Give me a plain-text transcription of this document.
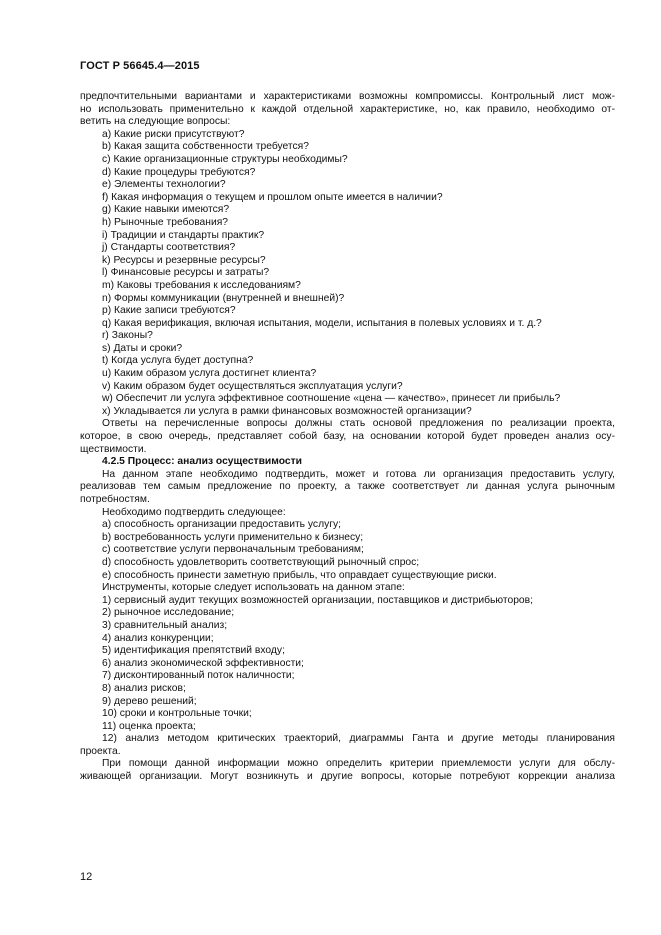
ГОСТ Р 56645.4—2015
предпочтительными вариантами и характеристиками возможны компромиссы. Контрольный лист мож-
но использовать применительно к каждой отдельной характеристике, но, как правило, необходимо от-
ветить на следующие вопросы:
a) Какие риски присутствуют?
b) Какая защита собственности требуется?
c) Какие организационные структуры необходимы?
d) Какие процедуры требуются?
e) Элементы технологии?
f) Какая информация о текущем и прошлом опыте имеется в наличии?
g) Какие навыки имеются?
h) Рыночные требования?
i) Традиции и стандарты практик?
j) Стандарты соответствия?
k) Ресурсы и резервные ресурсы?
l) Финансовые ресурсы и затраты?
m) Каковы требования к исследованиям?
n) Формы коммуникации (внутренней и внешней)?
p) Какие записи требуются?
q) Какая верификация, включая испытания, модели, испытания в полевых условиях и т. д.?
r) Законы?
s) Даты и сроки?
t) Когда услуга будет доступна?
u) Каким образом услуга достигнет клиента?
v) Каким образом будет осуществляться эксплуатация услуги?
w) Обеспечит ли услуга эффективное соотношение «цена — качество», принесет ли прибыль?
x) Укладывается ли услуга в рамки финансовых возможностей организации?
Ответы на перечисленные вопросы должны стать основой предложения по реализации проекта,
которое, в свою очередь, представляет собой базу, на основании которой будет проведен анализ осу-
ществимости.
4.2.5 Процесс: анализ осуществимости
На данном этапе необходимо подтвердить, может и готова ли организация предоставить услугу,
реализовав тем самым предложение по проекту, а также соответствует ли данная услуга рыночным
потребностям.
Необходимо подтвердить следующее:
a) способность организации предоставить услугу;
b) востребованность услуги применительно к бизнесу;
c) соответствие услуги первоначальным требованиям;
d) способность удовлетворить соответствующий рыночный спрос;
e) способность принести заметную прибыль, что оправдает существующие риски.
Инструменты, которые следует использовать на данном этапе:
1) сервисный аудит текущих возможностей организации, поставщиков и дистрибьюторов;
2) рыночное исследование;
3) сравнительный анализ;
4) анализ конкуренции;
5) идентификация препятствий входу;
6) анализ экономической эффективности;
7) дисконтированный поток наличности;
8) анализ рисков;
9) дерево решений;
10) сроки и контрольные точки;
11) оценка проекта;
12) анализ методом критических траекторий, диаграммы Ганта и другие методы планирования
проекта.
При помощи данной информации можно определить критерии приемлемости услуги для обслу-
живающей организации. Могут возникнуть и другие вопросы, которые потребуют коррекции анализа
12
